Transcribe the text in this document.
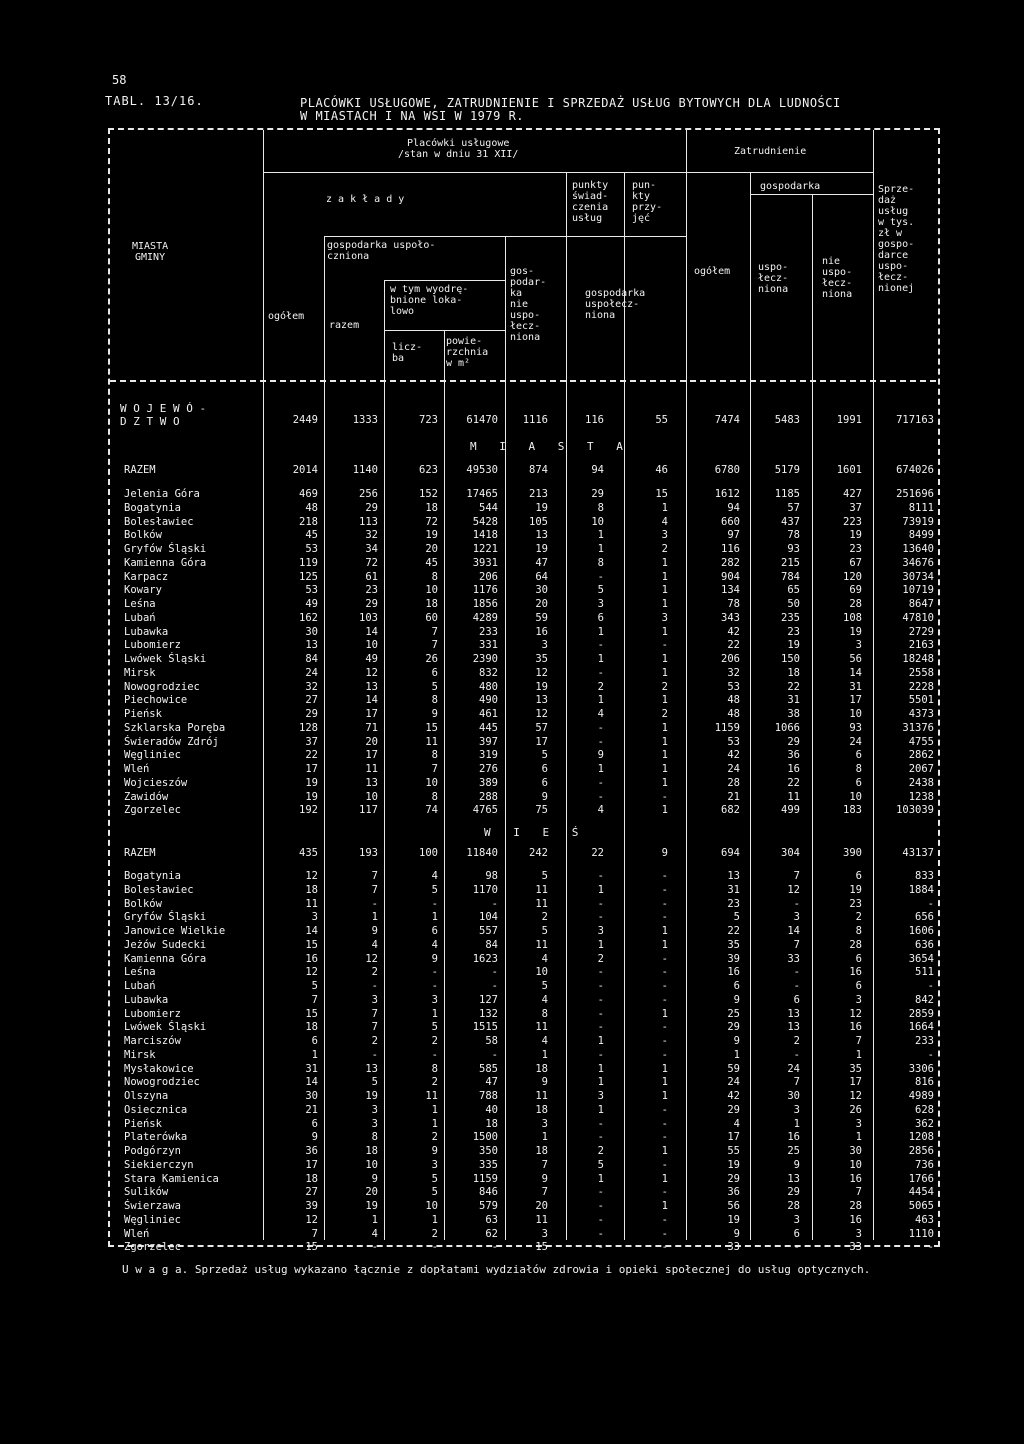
58
TABL. 13/16.	PLACÓWKI USŁUGOWE, ZATRUDNIENIE I SPRZEDAŻ USŁUG BYTOWYCH DLA LUDNOŚCI
W MIASTACH I NA WSI W 1979 R.
MIASTA
GMINY
Placówki usługowe
/stan w dniu 31 XII/	Zatrudnienie
Sprze-
daż
usług
w tys.
zł w
gospo-
darce
uspo-
łecz-
nionej
z a k ł a d y
punkty
świad-
czenia
usług
pun-
kty
przy-
jęć
gospodarka
gospodarka uspoło-
czniona
ogółem
razem
w tym wyodrę-
bnione loka-
lowo
licz-
ba
powie-
rzchnia
w m²
gos-
podar-
ka
nie
uspo-
łecz-
niona
gospodarka
uspołecz-
niona
ogółem	uspo-
łecz-
niona
nie
uspo-
łecz-
niona
W O J E W Ó -
D Z T W O	2449	1333	723	61470 1116	116	55	7474	5483	1991	717163
M I A S T A
RAZEM	2014	1140	623	49530	874	94	46	6780	5179	1601	674026
Jelenia Góra	469	256	152	17465	213	29	15	1612	1185	427	251696
Bogatynia	48	29	18	544	19	8	1	94	57	37	8111
Bolesławiec	218	113	72	5428	105	10	4	660	437	223	73919
Bolków	45	32	19	1418	13	1	3	97	78	19	8499
Gryfów Śląski	53	34	20	1221	19	1	2	116	93	23	13640
Kamienna Góra	119	72	45	3931	47	8	1	282	215	67	34676
Karpacz	125	61	8	206	64	-	1	904	784	120	30734
Kowary	53	23	10	1176	30	5	1	134	65	69	10719
Leśna	49	29	18	1856	20	3	1	78	50	28	8647
Lubań	162	103	60	4289	59	6	3	343	235	108	47810
Lubawka	30	14	7	233	16	1	1	42	23	19	2729
Lubomierz	13	10	7	331	3	-	-	22	19	3	2163
Lwówek Śląski	84	49	26	2390	35	1	1	206	150	56	18248
Mirsk	24	12	6	832	12	-	1	32	18	14	2558
Nowogrodziec	32	13	5	480	19	2	2	53	22	31	2228
Piechowice	27	14	8	490	13	1	1	48	31	17	5501
Pieńsk	29	17	9	461	12	4	2	48	38	10	4373
Szklarska Poręba	128	71	15	445	57	-	1	1159	1066	93	31376
Świeradów Zdrój	37	20	11	397	17	-	1	53	29	24	4755
Węgliniec	22	17	8	319	5	9	1	42	36	6	2862
Wleń	17	11	7	276	6	1	1	24	16	8	2067
Wojcieszów	19	13	10	389	6	-	1	28	22	6	2438
Zawidów	19	10	8	288	9	-	-	21	11	10	1238
Zgorzelec	192	117	74	4765	75	4	1	682	499	183	103039
W I E Ś
RAZEM	435	193	100	11840	242	22	9	694	304	390	43137
Bogatynia	12	7	4	98	5	-	-	13	7	6	833
Bolesławiec	18	7	5	1170	11	1	-	31	12	19	1884
Bolków	11	-	-	-	11	-	-	23	-	23	-
Gryfów Śląski	3	1	1	104	2	-	-	5	3	2	656
Janowice Wielkie	14	9	6	557	5	3	1	22	14	8	1606
Jeżów Sudecki	15	4	4	84	11	1	1	35	7	28	636
Kamienna Góra	16	12	9	1623	4	2	-	39	33	6	3654
Leśna	12	2	-	-	10	-	-	16	-	16	511
Lubań	5	-	-	-	5	-	-	6	-	6	-
Lubawka	7	3	3	127	4	-	-	9	6	3	842
Lubomierz	15	7	1	132	8	-	1	25	13	12	2859
Lwówek Śląski	18	7	5	1515	11	-	-	29	13	16	1664
Marciszów	6	2	2	58	4	1	-	9	2	7	233
Mirsk	1	-	-	-	1	-	-	1	-	1	-
Mysłakowice	31	13	8	585	18	1	1	59	24	35	3306
Nowogrodziec	14	5	2	47	9	1	1	24	7	17	816
Olszyna	30	19	11	788	11	3	1	42	30	12	4989
Osiecznica	21	3	1	40	18	1	-	29	3	26	628
Pieńsk	6	3	1	18	3	-	-	4	1	3	362
Platerówka	9	8	2	1500	1	-	-	17	16	1	1208
Podgórzyn	36	18	9	350	18	2	1	55	25	30	2856
Siekierczyn	17	10	3	335	7	5	-	19	9	10	736
Stara Kamienica	18	9	5	1159	9	1	1	29	13	16	1766
Sulików	27	20	5	846	7	-	-	36	29	7	4454
Świerzawa	39	19	10	579	20	-	1	56	28	28	5065
Węgliniec	12	1	1	63	11	-	-	19	3	16	463
Wleń	7	4	2	62	3	-	-	9	6	3	1110
Zgorzelec	15	-	-	-	15	-	-	33	-	33	-
U w a g a. Sprzedaż usług wykazano łącznie z dopłatami wydziałów zdrowia i opieki społecznej do usług optycznych.
